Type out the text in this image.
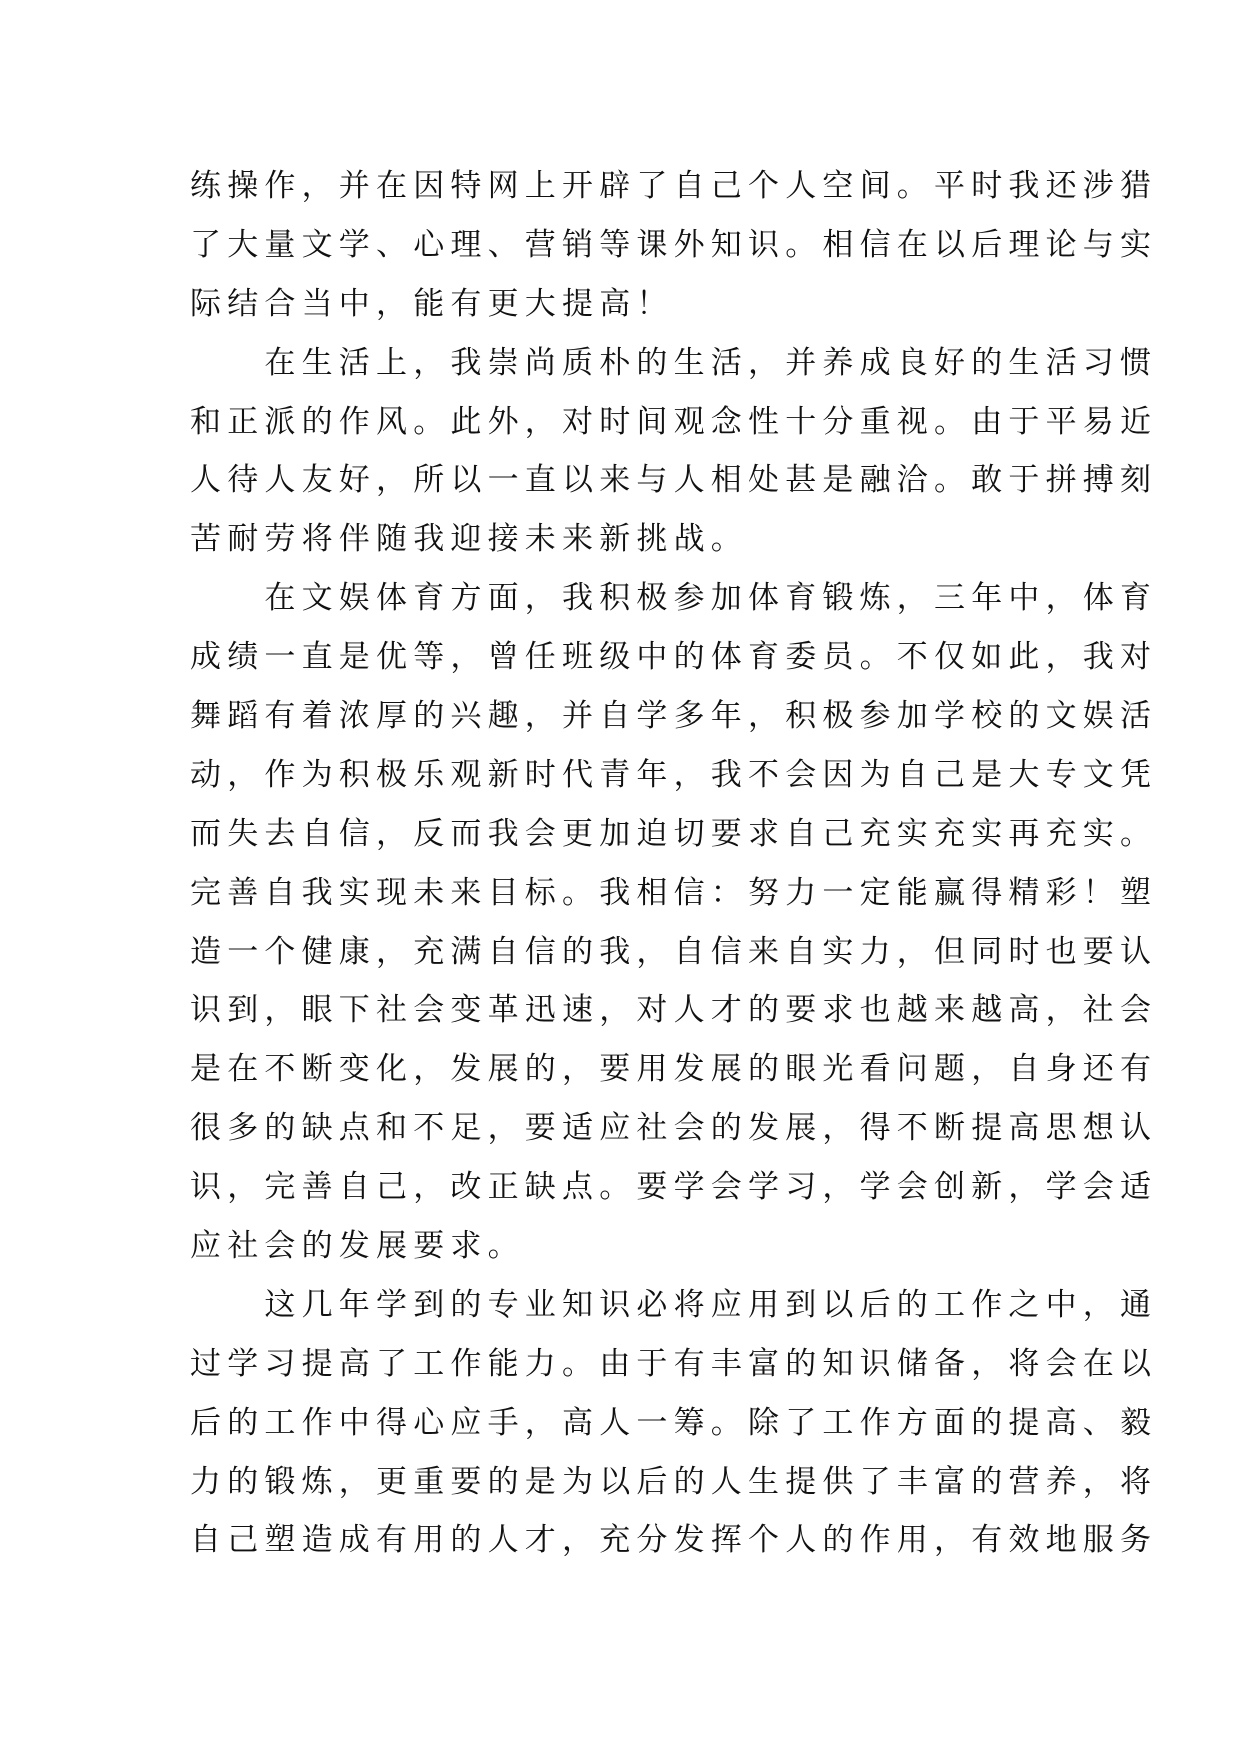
练操作，并在因特网上开辟了自己个人空间。平时我还涉猎
了大量文学、心理、营销等课外知识。相信在以后理论与实
际结合当中，能有更大提高！
　　在生活上，我崇尚质朴的生活，并养成良好的生活习惯
和正派的作风。此外，对时间观念性十分重视。由于平易近
人待人友好，所以一直以来与人相处甚是融洽。敢于拼搏刻
苦耐劳将伴随我迎接未来新挑战。
　　在文娱体育方面，我积极参加体育锻炼，三年中，体育
成绩一直是优等，曾任班级中的体育委员。不仅如此，我对
舞蹈有着浓厚的兴趣，并自学多年，积极参加学校的文娱活
动，作为积极乐观新时代青年，我不会因为自己是大专文凭
而失去自信，反而我会更加迫切要求自己充实充实再充实。
完善自我实现未来目标。我相信：努力一定能赢得精彩！塑
造一个健康，充满自信的我，自信来自实力，但同时也要认
识到，眼下社会变革迅速，对人才的要求也越来越高，社会
是在不断变化，发展的，要用发展的眼光看问题，自身还有
很多的缺点和不足，要适应社会的发展，得不断提高思想认
识，完善自己，改正缺点。要学会学习，学会创新，学会适
应社会的发展要求。
　　这几年学到的专业知识必将应用到以后的工作之中，通
过学习提高了工作能力。由于有丰富的知识储备，将会在以
后的工作中得心应手，高人一筹。除了工作方面的提高、毅
力的锻炼，更重要的是为以后的人生提供了丰富的营养，将
自己塑造成有用的人才，充分发挥个人的作用，有效地服务
